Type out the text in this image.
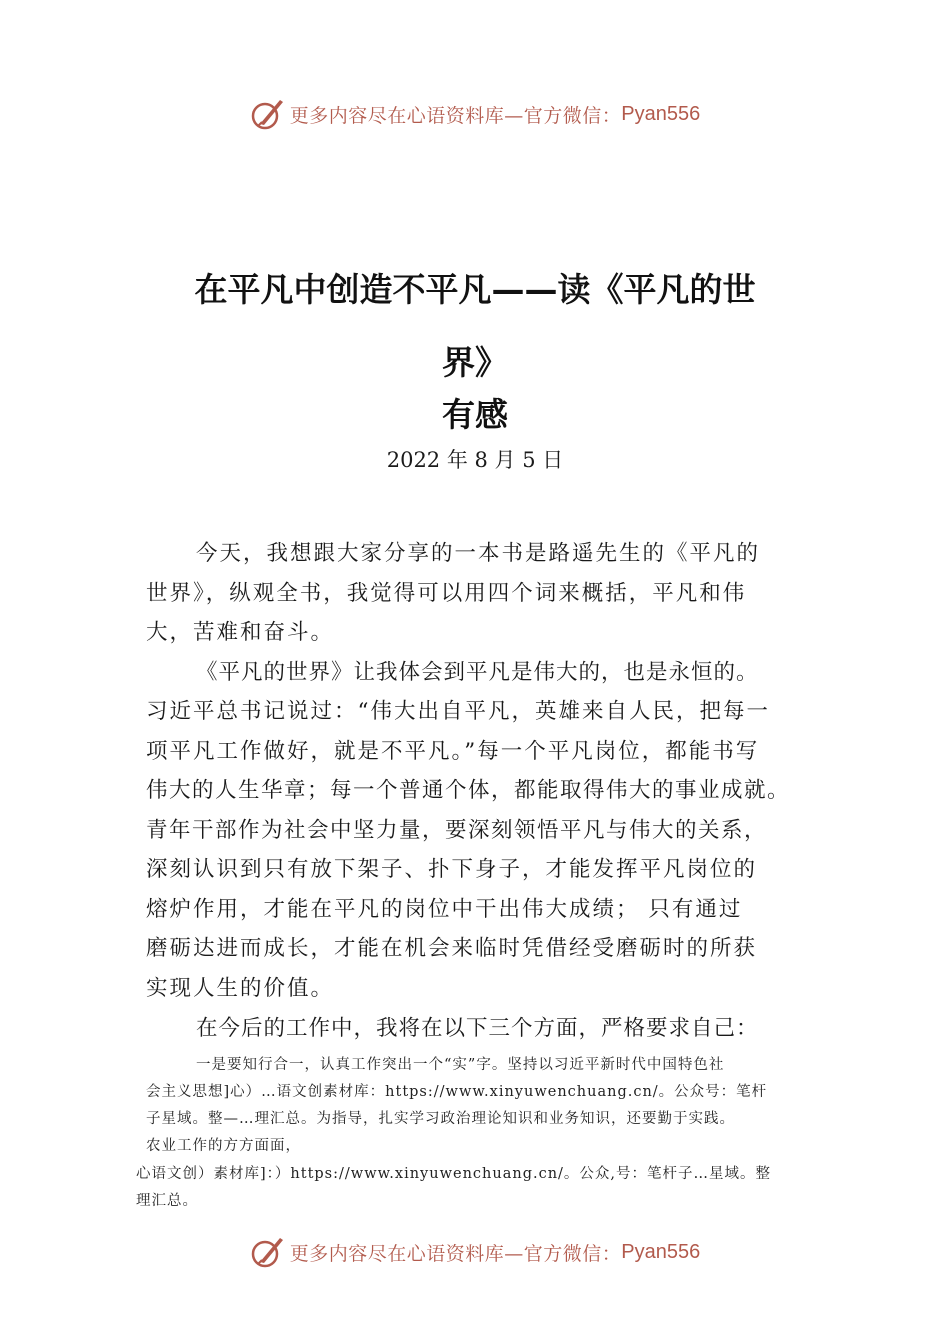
更多内容尽在心语资料库—官方微信： Pyan556
在平凡中创造不平凡——读《平凡的世
界》
有感
2022 年 8 月 5 日
今天，我想跟大家分享的一本书是路遥先生的《平凡的
世界》，纵观全书，我觉得可以用四个词来概括，平凡和伟
大，苦难和奋斗。
《平凡的世界》让我体会到平凡是伟大的，也是永恒的。
习近平总书记说过：“伟大出自平凡，英雄来自人民，把每一
项平凡工作做好，就是不平凡。”每一个平凡岗位，都能书写
伟大的人生华章；每一个普通个体，都能取得伟大的事业成就。
青年干部作为社会中坚力量，要深刻领悟平凡与伟大的关系，
深刻认识到只有放下架子、扑下身子，才能发挥平凡岗位的
熔炉作用，才能在平凡的岗位中干出伟大成绩； 只有通过
磨砺达进而成长，才能在机会来临时凭借经受磨砺时的所获
实现人生的价值。
在今后的工作中，我将在以下三个方面，严格要求自己：
一是要知行合一，认真工作突出一个“实”字。坚持以习近平新时代中国特色社
会主义思想]心）…语文创素材库：https://www.xinyuwenchuang.cn/。公众号：笔杆
子星域。整—…理汇总。为指导，扎实学习政治理论知识和业务知识，还要勤于实践。
农业工作的方方面面，
心语文创）素材库]：）https://www.xinyuwenchuang.cn/。公众,号：笔杆子…星域。整
理汇总。
更多内容尽在心语资料库—官方微信： Pyan556
